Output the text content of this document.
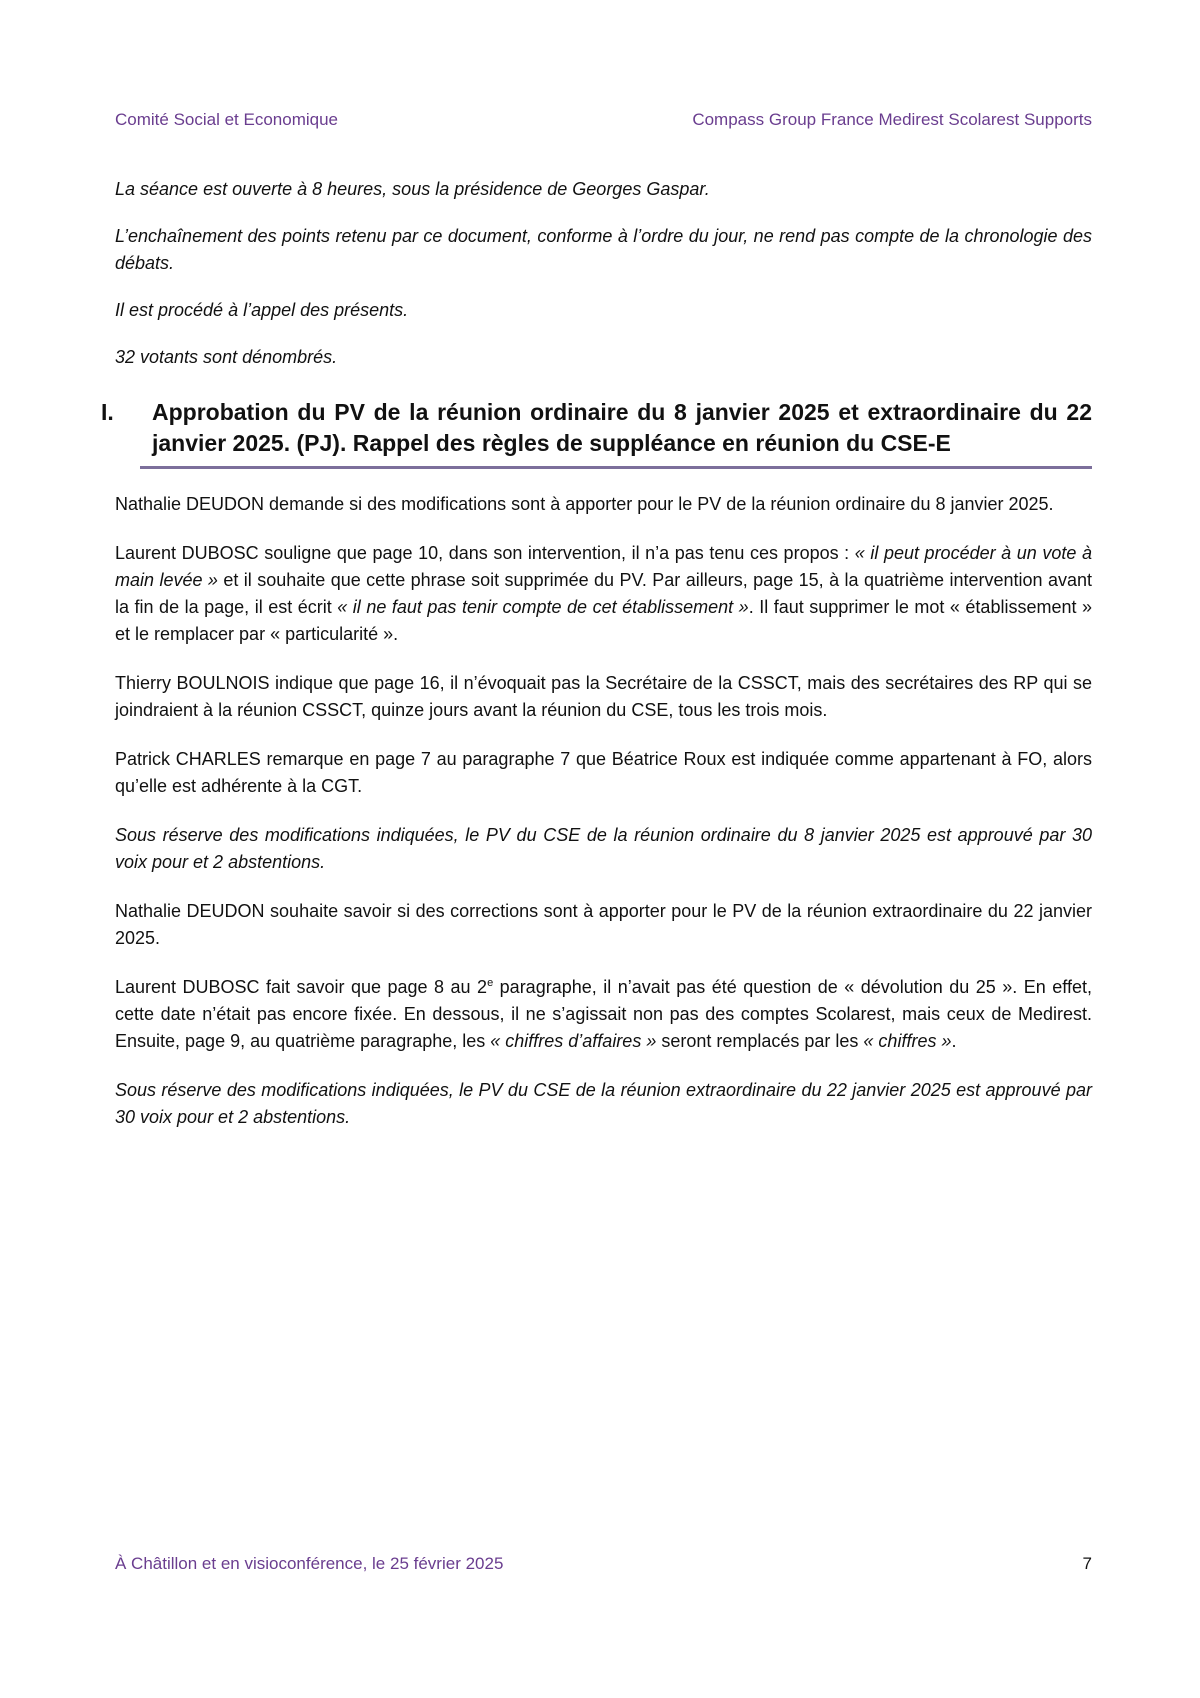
Comité Social et Economique	Compass Group France Medirest Scolarest Supports

La séance est ouverte à 8 heures, sous la présidence de Georges Gaspar.

L’enchaînement des points retenu par ce document, conforme à l’ordre du jour, ne rend pas compte de la chronologie des débats.

Il est procédé à l’appel des présents.

32 votants sont dénombrés.

I. Approbation du PV de la réunion ordinaire du 8 janvier 2025 et extraordinaire du 22 janvier 2025. (PJ). Rappel des règles de suppléance en réunion du CSE-E

Nathalie DEUDON demande si des modifications sont à apporter pour le PV de la réunion ordinaire du 8 janvier 2025.

Laurent DUBOSC souligne que page 10, dans son intervention, il n’a pas tenu ces propos : « il peut procéder à un vote à main levée » et il souhaite que cette phrase soit supprimée du PV. Par ailleurs, page 15, à la quatrième intervention avant la fin de la page, il est écrit « il ne faut pas tenir compte de cet établissement ». Il faut supprimer le mot « établissement » et le remplacer par « particularité ».

Thierry BOULNOIS indique que page 16, il n’évoquait pas la Secrétaire de la CSSCT, mais des secrétaires des RP qui se joindraient à la réunion CSSCT, quinze jours avant la réunion du CSE, tous les trois mois.

Patrick CHARLES remarque en page 7 au paragraphe 7 que Béatrice Roux est indiquée comme appartenant à FO, alors qu’elle est adhérente à la CGT.

Sous réserve des modifications indiquées, le PV du CSE de la réunion ordinaire du 8 janvier 2025 est approuvé par 30 voix pour et 2 abstentions.

Nathalie DEUDON souhaite savoir si des corrections sont à apporter pour le PV de la réunion extraordinaire du 22 janvier 2025.

Laurent DUBOSC fait savoir que page 8 au 2e paragraphe, il n’avait pas été question de « dévolution du 25 ». En effet, cette date n’était pas encore fixée. En dessous, il ne s’agissait non pas des comptes Scolarest, mais ceux de Medirest. Ensuite, page 9, au quatrième paragraphe, les « chiffres d’affaires » seront remplacés par les « chiffres ».

Sous réserve des modifications indiquées, le PV du CSE de la réunion extraordinaire du 22 janvier 2025 est approuvé par 30 voix pour et 2 abstentions.

À Châtillon et en visioconférence, le 25 février 2025	7
